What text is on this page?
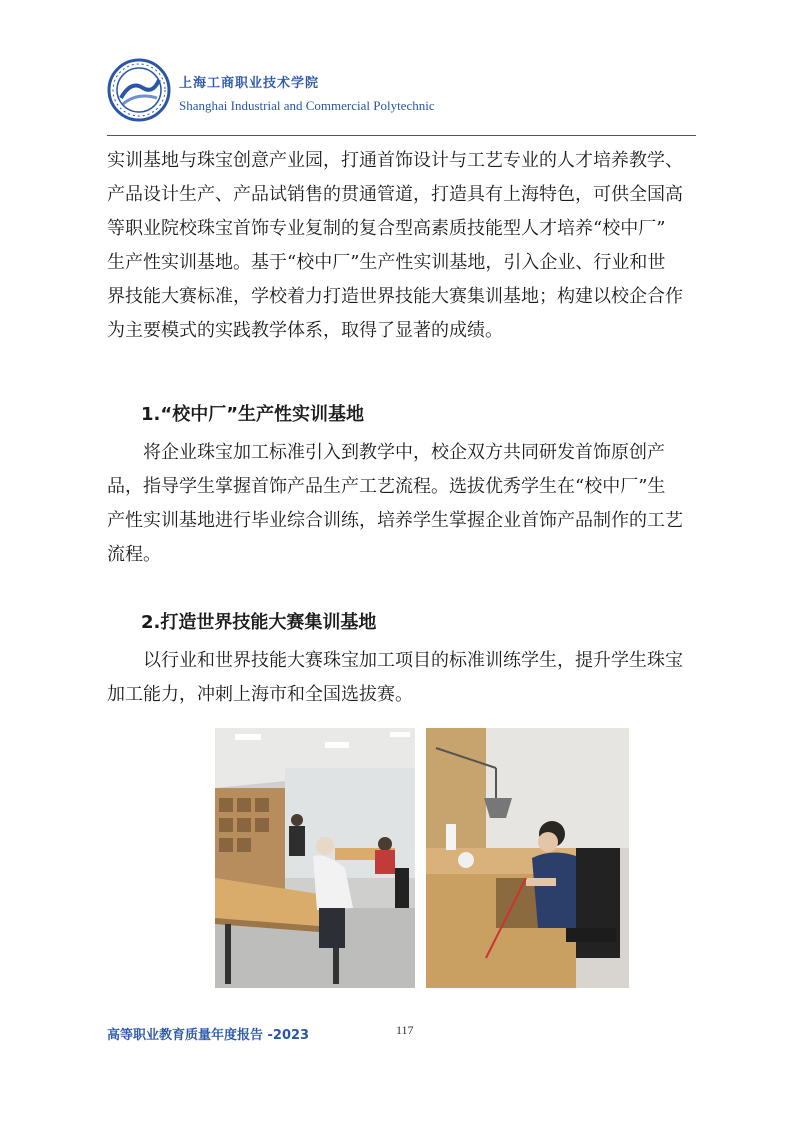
上海工商职业技术学院
Shanghai Industrial and Commercial Polytechnic
实训基地与珠宝创意产业园，打通首饰设计与工艺专业的人才培养教学、
产品设计生产、产品试销售的贯通管道，打造具有上海特色，可供全国高
等职业院校珠宝首饰专业复制的复合型高素质技能型人才培养“校中厂”
生产性实训基地。基于“校中厂”生产性实训基地，引入企业、行业和世
界技能大赛标准，学校着力打造世界技能大赛集训基地；构建以校企合作
为主要模式的实践教学体系，取得了显著的成绩。
1.“校中厂”生产性实训基地
将企业珠宝加工标准引入到教学中，校企双方共同研发首饰原创产
品，指导学生掌握首饰产品生产工艺流程。选拔优秀学生在“校中厂”生
产性实训基地进行毕业综合训练，培养学生掌握企业首饰产品制作的工艺
流程。
2.打造世界技能大赛集训基地
以行业和世界技能大赛珠宝加工项目的标准训练学生，提升学生珠宝
加工能力，冲刺上海市和全国选拔赛。
高等职业教育质量年度报告 -2023	117
